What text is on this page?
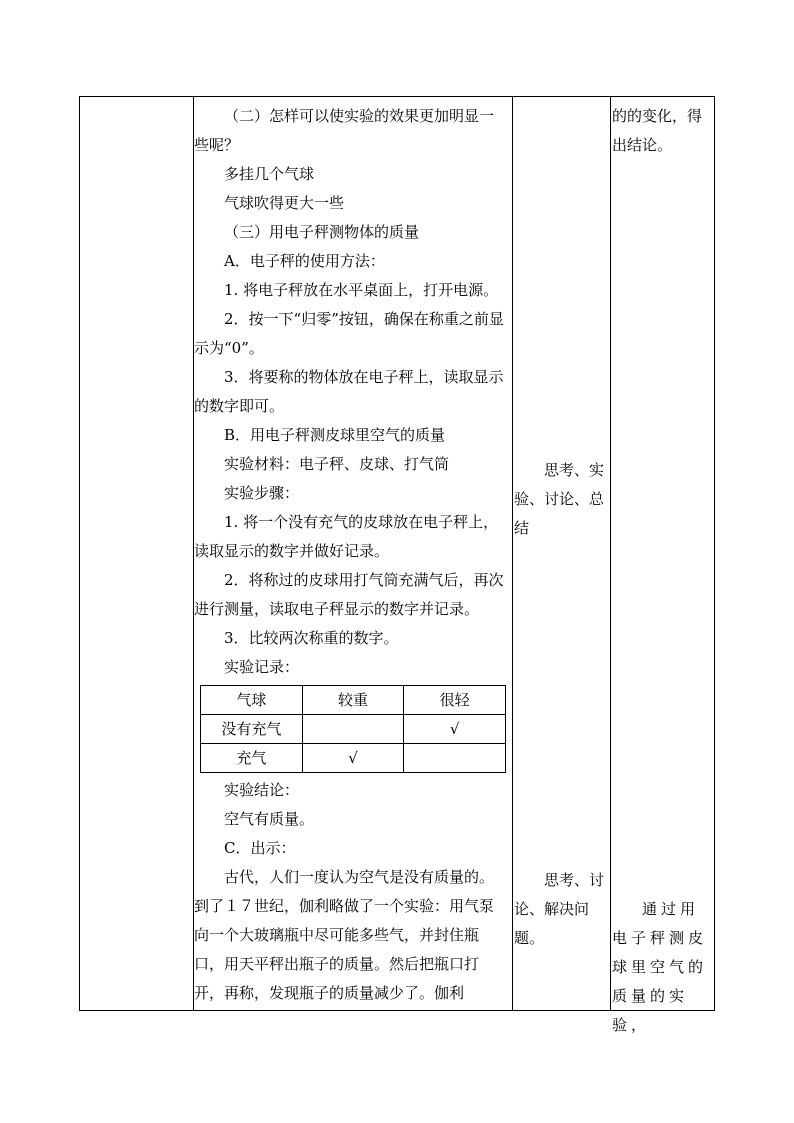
（二）怎样可以使实验的效果更加明显一些呢？

多挂几个气球

气球吹得更大一些

（三）用电子秤测物体的质量

A．电子秤的使用方法：

1. 将电子秤放在水平桌面上，打开电源。

2．按一下“归零”按钮，确保在称重之前显示为“0”。

3．将要称的物体放在电子秤上，读取显示的数字即可。

B．用电子秤测皮球里空气的质量

实验材料：电子秤、皮球、打气筒

实验步骤：

1. 将一个没有充气的皮球放在电子秤上，读取显示的数字并做好记录。

2．将称过的皮球用打气筒充满气后，再次进行测量，读取电子秤显示的数字并记录。

3．比较两次称重的数字。

实验记录：

气球	较重	很轻
没有充气		√
充气	√	

实验结论：

空气有质量。

C．出示：

古代，人们一度认为空气是没有质量的。到了１７世纪，伽利略做了一个实验：用气泵向一个大玻璃瓶中尽可能多些气，并封住瓶口，用天平秤出瓶子的质量。然后把瓶口打开，再称，发现瓶子的质量减少了。伽利

思考、实验、讨论、总结

思考、讨论、解决问题。

的的变化，得出结论。

通过用电子秤测皮球里空气的质量的实验，
